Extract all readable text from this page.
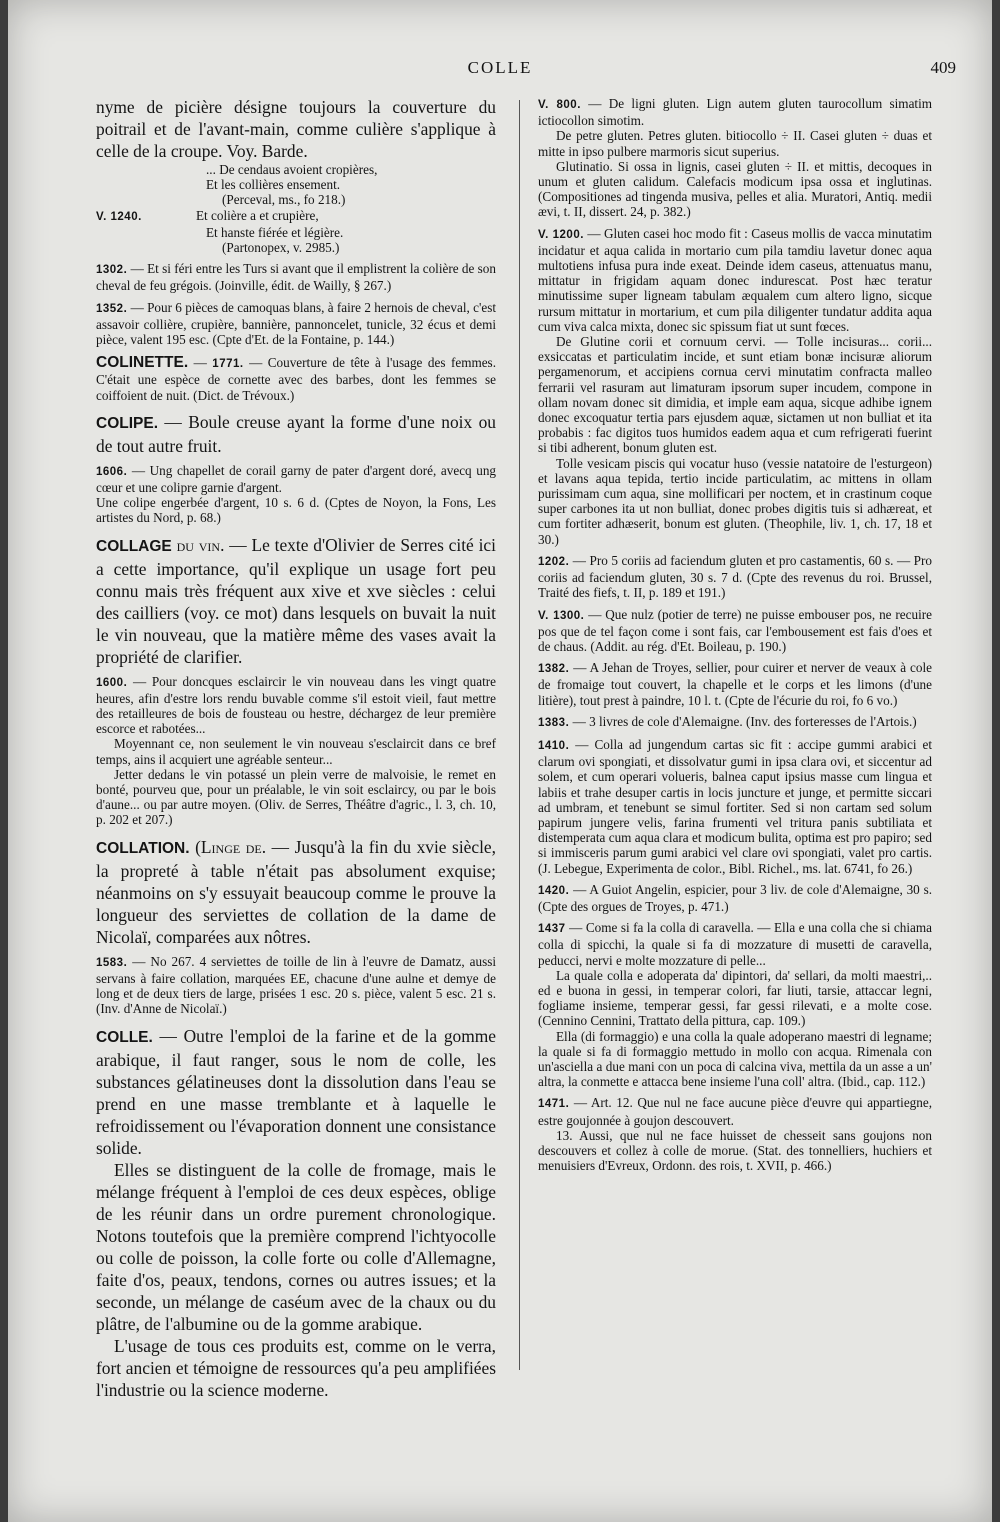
COLLE	409

nyme de picière désigne toujours la couverture du poitrail et de l'avant-main, comme culière s'applique à celle de la croupe. Voy. Barde.

... De cendaus avoient cropières,

Et les collières ensement.

(Perceval, ms., fo 218.)

V. 1240.	Et colière a et crupière,

Et hanste fiérée et légière.

(Partonopex, v. 2985.)

1302. — Et si féri entre les Turs si avant que il emplistrent la colière de son cheval de feu grégois. (Joinville, édit. de Wailly, § 267.)

1352. — Pour 6 pièces de camoquas blans, à faire 2 hernois de cheval, c'est assavoir collière, crupière, bannière, pannoncelet, tunicle, 32 écus et demi pièce, valent 195 esc. (Cpte d'Et. de la Fontaine, p. 144.)

COLINETTE. — 1771. — Couverture de tête à l'usage des femmes. C'était une espèce de cornette avec des barbes, dont les femmes se coiffoient de nuit. (Dict. de Trévoux.)

COLIPE. — Boule creuse ayant la forme d'une noix ou de tout autre fruit.

1606. — Ung chapellet de corail garny de pater d'argent doré, avecq ung cœur et une colipre garnie d'argent.

Une colipe engerbée d'argent, 10 s. 6 d. (Cptes de Noyon, la Fons, Les artistes du Nord, p. 68.)

COLLAGE du vin. — Le texte d'Olivier de Serres cité ici a cette importance, qu'il explique un usage fort peu connu mais très fréquent aux xive et xve siècles : celui des cailliers (voy. ce mot) dans lesquels on buvait la nuit le vin nouveau, que la matière même des vases avait la propriété de clarifier.

1600. — Pour doncques esclaircir le vin nouveau dans les vingt quatre heures, afin d'estre lors rendu buvable comme s'il estoit vieil, faut mettre des retailleures de bois de fousteau ou hestre, déchargez de leur première escorce et rabotées...

Moyennant ce, non seulement le vin nouveau s'esclaircit dans ce bref temps, ains il acquiert une agréable senteur...

Jetter dedans le vin potassé un plein verre de malvoisie, le remet en bonté, pourveu que, pour un préalable, le vin soit esclaircy, ou par le bois d'aune... ou par autre moyen. (Oliv. de Serres, Théâtre d'agric., l. 3, ch. 10, p. 202 et 207.)

COLLATION. (Linge de. — Jusqu'à la fin du xvie siècle, la propreté à table n'était pas absolument exquise; néanmoins on s'y essuyait beaucoup comme le prouve la longueur des serviettes de collation de la dame de Nicolaï, comparées aux nôtres.

1583. — No 267. 4 serviettes de toille de lin à l'euvre de Damatz, aussi servans à faire collation, marquées EE, chacune d'une aulne et demye de long et de deux tiers de large, prisées 1 esc. 20 s. pièce, valent 5 esc. 21 s. (Inv. d'Anne de Nicolaï.)

COLLE. — Outre l'emploi de la farine et de la gomme arabique, il faut ranger, sous le nom de colle, les substances gélatineuses dont la dissolution dans l'eau se prend en une masse tremblante et à laquelle le refroidissement ou l'évaporation donnent une consistance solide.

Elles se distinguent de la colle de fromage, mais le mélange fréquent à l'emploi de ces deux espèces, oblige de les réunir dans un ordre purement chronologique. Notons toutefois que la première comprend l'ichtyocolle ou colle de poisson, la colle forte ou colle d'Allemagne, faite d'os, peaux, tendons, cornes ou autres issues; et la seconde, un mélange de caséum avec de la chaux ou du plâtre, de l'albumine ou de la gomme arabique.

L'usage de tous ces produits est, comme on le verra, fort ancien et témoigne de ressources qu'a peu amplifiées l'industrie ou la science moderne.

V. 800. — De ligni gluten. Lign autem gluten taurocollum simatim ictiocollon simotim.

De petre gluten. Petres gluten. bitiocollo ÷ II. Casei gluten ÷ duas et mitte in ipso pulbere marmoris sicut superius.

Glutinatio. Si ossa in lignis, casei gluten ÷ II. et mittis, decoques in unum et gluten calidum. Calefacis modicum ipsa ossa et inglutinas. (Compositiones ad tingenda musiva, pelles et alia. Muratori, Antiq. medii ævi, t. II, dissert. 24, p. 382.)

V. 1200. — Gluten casei hoc modo fit : Caseus mollis de vacca minutatim incidatur et aqua calida in mortario cum pila tamdiu lavetur donec aqua multotiens infusa pura inde exeat. Deinde idem caseus, attenuatus manu, mittatur in frigidam aquam donec indurescat. Post hæc teratur minutissime super ligneam tabulam æqualem cum altero ligno, sicque rursum mittatur in mortarium, et cum pila diligenter tundatur addita aqua cum viva calca mixta, donec sic spissum fiat ut sunt fœces.

De Glutine corii et cornuum cervi. — Tolle incisuras... corii... exsiccatas et particulatim incide, et sunt etiam bonæ incisuræ aliorum pergamenorum, et accipiens cornua cervi minutatim confracta malleo ferrarii vel rasuram aut limaturam ipsorum super incudem, compone in ollam novam donec sit dimidia, et imple eam aqua, sicque adhibe ignem donec excoquatur tertia pars ejusdem aquæ, sictamen ut non bulliat et ita probabis : fac digitos tuos humidos eadem aqua et cum refrigerati fuerint si tibi adherent, bonum gluten est.

Tolle vesicam piscis qui vocatur huso (vessie natatoire de l'esturgeon) et lavans aqua tepida, tertio incide particulatim, ac mittens in ollam purissimam cum aqua, sine mollificari per noctem, et in crastinum coque super carbones ita ut non bulliat, donec probes digitis tuis si adhæreat, et cum fortiter adhæserit, bonum est gluten. (Theophile, liv. 1, ch. 17, 18 et 30.)

1202. — Pro 5 coriis ad faciendum gluten et pro castamentis, 60 s. — Pro coriis ad faciendum gluten, 30 s. 7 d. (Cpte des revenus du roi. Brussel, Traité des fiefs, t. II, p. 189 et 191.)

V. 1300. — Que nulz (potier de terre) ne puisse embouser pos, ne recuire pos que de tel façon come i sont fais, car l'embousement est fais d'oes et de chaus. (Addit. au rég. d'Et. Boileau, p. 190.)

1382. — A Jehan de Troyes, sellier, pour cuirer et nerver de veaux à cole de fromaige tout couvert, la chapelle et le corps et les limons (d'une litière), tout prest à paindre, 10 l. t. (Cpte de l'écurie du roi, fo 6 vo.)

1383. — 3 livres de cole d'Alemaigne. (Inv. des forteresses de l'Artois.)

1410. — Colla ad jungendum cartas sic fit : accipe gummi arabici et clarum ovi spongiati, et dissolvatur gumi in ipsa clara ovi, et siccentur ad solem, et cum operari volueris, balnea caput ipsius masse cum lingua et labiis et trahe desuper cartis in locis juncture et junge, et permitte siccari ad umbram, et tenebunt se simul fortiter. Sed si non cartam sed solum papirum jungere velis, farina frumenti vel tritura panis subtiliata et distemperata cum aqua clara et modicum bulita, optima est pro papiro; sed si immisceris parum gumi arabici vel clare ovi spongiati, valet pro cartis. (J. Lebegue, Experimenta de color., Bibl. Richel., ms. lat. 6741, fo 26.)

1420. — A Guiot Angelin, espicier, pour 3 liv. de cole d'Alemaigne, 30 s. (Cpte des orgues de Troyes, p. 471.)

1437 — Come si fa la colla di caravella. — Ella e una colla che si chiama colla di spicchi, la quale si fa di mozzature di musetti de caravella, peducci, nervi e molte mozzature di pelle...

La quale colla e adoperata da' dipintori, da' sellari, da molti maestri,.. ed e buona in gessi, in temperar colori, far liuti, tarsie, attaccar legni, fogliame insieme, temperar gessi, far gessi rilevati, e a molte cose. (Cennino Cennini, Trattato della pittura, cap. 109.)

Ella (di formaggio) e una colla la quale adoperano maestri di legname; la quale si fa di formaggio mettudo in mollo con acqua. Rimenala con un'asciella a due mani con un poca di calcina viva, mettila da un asse a un' altra, la conmette e attacca bene insieme l'una coll' altra. (Ibid., cap. 112.)

1471. — Art. 12. Que nul ne face aucune pièce d'euvre qui appartiegne, estre goujonnée à goujon descouvert.

13. Aussi, que nul ne face huisset de chesseit sans goujons non descouvers et collez à colle de morue. (Stat. des tonnelliers, huchiers et menuisiers d'Evreux, Ordonn. des rois, t. XVII, p. 466.)
